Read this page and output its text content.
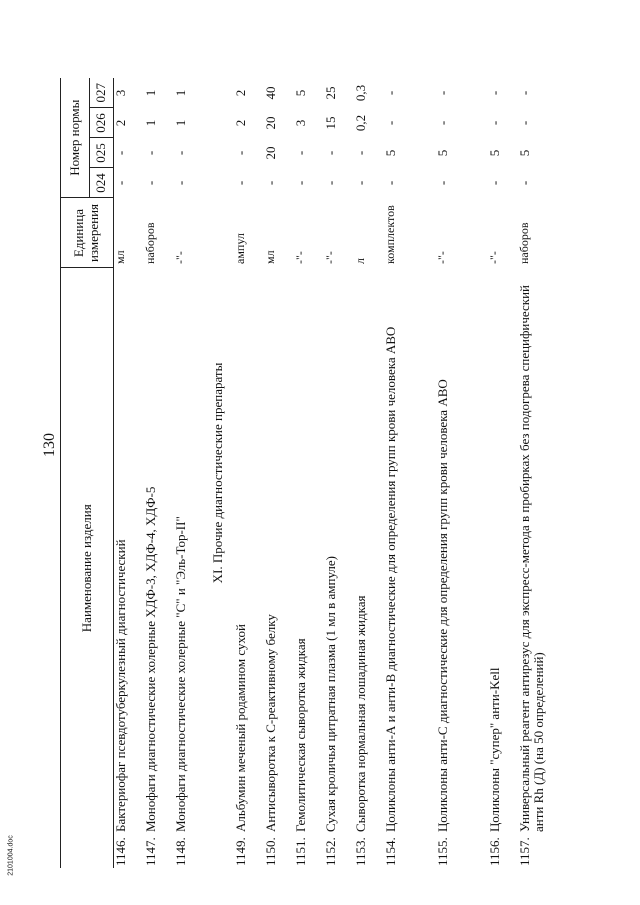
130
2101004.doc
Наименование изделия	Единица измерения	Номер нормы			
		024	025	026	027

1146.
Бактериофаг псевдотуберкулезный диагностический	мл	-	-	2	3

1147.
Монофаги диагностические холерные ХДФ-3, ХДФ-4, ХДФ-5	наборов	-	-	1	1

1148.
Монофаги диагностические холерные "С" и "Эль-Тор-II"	-"-	-	-	1	1
XI. Прочие диагностические препараты					

1149.
Альбумин меченый родамином сухой	ампул	-	-	2	2

1150.
Антисыворотка к С-реактивному белку	мл	-	20	20	40

1151.
Гемолитическая сыворотка жидкая	-"-	-	-	3	5

1152.
Сухая кроличья цитратная плазма (1 мл в ампуле)	-"-	-	-	15	25

1153.
Сыворотка нормальная лошадиная жидкая	л	-	-	0,2	0,3

1154.
Цоликлоны анти-А и анти-В диагностические для определения групп крови человека АВО	комплектов	-	5	-	-

1155.
Цоликлоны анти-С диагностические для определения групп крови человека АВО	-"-	-	5	-	-

1156.
Цоликлоны "супер" анти-Kell	-"-	-	5	-	-

1157.
Универсальный реагент антирезус для экспресс-метода в пробирках без подогрева специфический анти Rh (Д) (на 50 определений)	наборов	-	5	-	-
